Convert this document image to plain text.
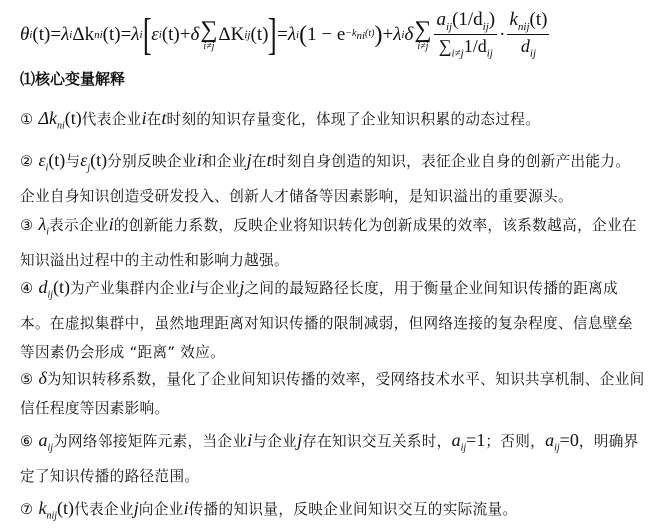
θ i (t) = λ i Δk ni (t) = λ i [ ε i (t) + δ ∑
i≠j
ΔK ij (t) ] = λ i ( $1 - e -k_{ni}(t)$ ) + λ i δ ∑
$i\ne j \frac{a_{ij}(1/d_{ij})}{\sum_{i\ne j}1/d_{ij}} \cdot \frac{k_{nij}(t)}{d_{ij}}$
⑴核心变量解释
① $\Delta k_{ni}(t)$代表企业i在t时刻的知识存量变化，体现了企业知识积累的动态过程。
② $\varepsilon_i(t)$与$\varepsilon_j(t)$分别反映企业i和企业j在t时刻自身创造的知识，表征企业自身的创新产出能力。企业自身知识创造受研发投入、创新人才储备等因素影响，是知识溢出的重要源头。
③ $\lambda_i$表示企业i的创新能力系数，反映企业将知识转化为创新成果的效率，该系数越高，企业在知识溢出过程中的主动性和影响力越强。
④ $d_{ij}(t)$为产业集群内企业i与企业j之间的最短路径长度，用于衡量企业间知识传播的距离成本。在虚拟集群中，虽然地理距离对知识传播的限制减弱，但网络连接的复杂程度、信息壁垒等因素仍会形成 “距离” 效应。
⑤ δ为知识转移系数，量化了企业间知识传播的效率，受网络技术水平、知识共享机制、企业间信任程度等因素影响。
⑥ $a_{ij}$为网络邻接矩阵元素，当企业i与企业j存在知识交互关系时，$a_{ij}=1$；否则，$a_{ij}=0$，明确界定了知识传播的路径范围。
⑦ $k_{nij}(t)$代表企业j向企业i传播的知识量，反映企业间知识交互的实际流量。
